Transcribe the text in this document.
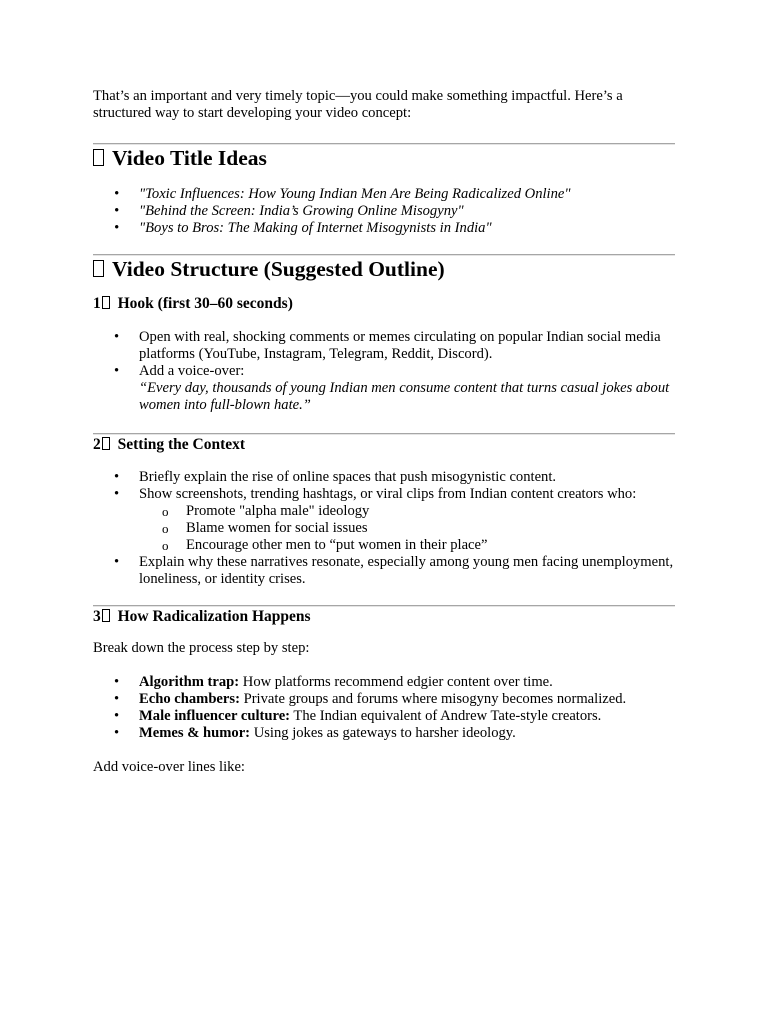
That’s an important and very timely topic—you could make something impactful. Here’s a structured way to start developing your video concept:

Video Title Ideas
• "Toxic Influences: How Young Indian Men Are Being Radicalized Online"
• "Behind the Screen: India’s Growing Online Misogyny"
• "Boys to Bros: The Making of Internet Misogynists in India"
Video Structure (Suggested Outline)
1 Hook (first 30–60 seconds)
• Open with real, shocking comments or memes circulating on popular Indian social media platforms (YouTube, Instagram, Telegram, Reddit, Discord).
• Add a voice-over:
“Every day, thousands of young Indian men consume content that turns casual jokes about women into full-blown hate.”
2 Setting the Context
• Briefly explain the rise of online spaces that push misogynistic content.
• Show screenshots, trending hashtags, or viral clips from Indian content creators who:
o Promote "alpha male" ideology
o Blame women for social issues
o Encourage other men to “put women in their place”
• Explain why these narratives resonate, especially among young men facing unemployment, loneliness, or identity crises.
3 How Radicalization Happens

Break down the process step by step:

• Algorithm trap: How platforms recommend edgier content over time.
• Echo chambers: Private groups and forums where misogyny becomes normalized.
• Male influencer culture: The Indian equivalent of Andrew Tate-style creators.
• Memes & humor: Using jokes as gateways to harsher ideology.

Add voice-over lines like:
